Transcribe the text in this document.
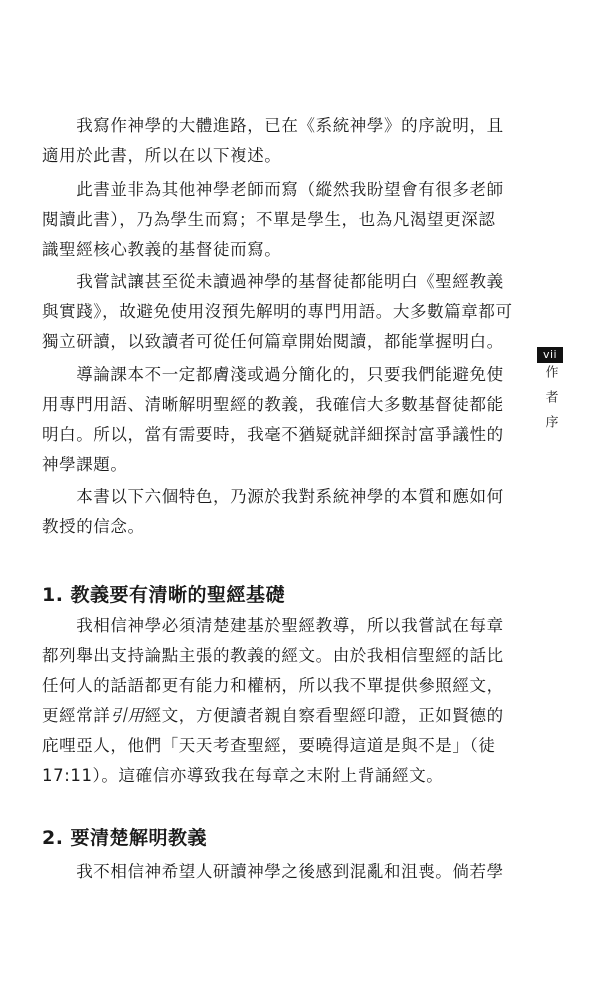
　　我寫作神學的大體進路，已在《系統神學》的序說明，且
適用於此書，所以在以下複述。
　　此書並非為其他神學老師而寫（縱然我盼望會有很多老師
閱讀此書），乃為學生而寫；不單是學生，也為凡渴望更深認
識聖經核心教義的基督徒而寫。
　　我嘗試讓甚至從未讀過神學的基督徒都能明白《聖經教義
與實踐》，故避免使用沒預先解明的專門用語。大多數篇章都可
獨立研讀，以致讀者可從任何篇章開始閱讀，都能掌握明白。
　　導論課本不一定都膚淺或過分簡化的，只要我們能避免使
用專門用語、清晰解明聖經的教義，我確信大多數基督徒都能
明白。所以，當有需要時，我毫不猶疑就詳細探討富爭議性的
神學課題。
　　本書以下六個特色，乃源於我對系統神學的本質和應如何
教授的信念。
1. 教義要有清晰的聖經基礎
　　我相信神學必須清楚建基於聖經教導，所以我嘗試在每章
都列舉出支持論點主張的教義的經文。由於我相信聖經的話比
任何人的話語都更有能力和權柄，所以我不單提供參照經文，
更經常詳引用經文，方便讀者親自察看聖經印證，正如賢德的
庇哩亞人，他們「天天考查聖經，要曉得這道是與不是」（徒
17:11）。這確信亦導致我在每章之末附上背誦經文。
2. 要清楚解明教義
　　我不相信神希望人研讀神學之後感到混亂和沮喪。倘若學
vii
作者序
